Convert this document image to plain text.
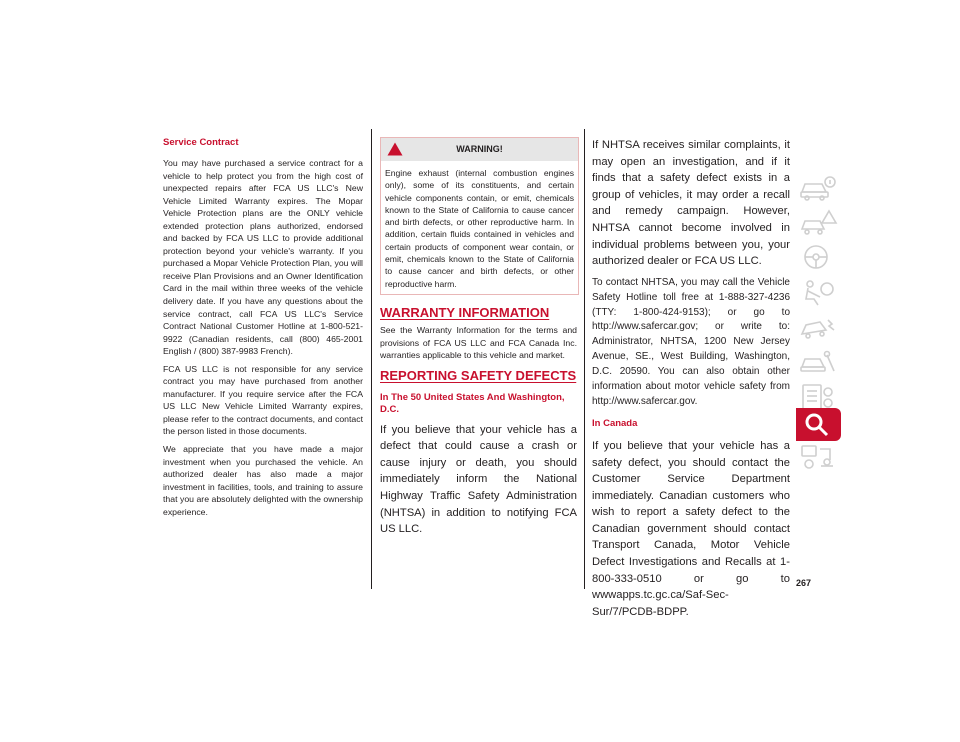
Service Contract

You may have purchased a service contract for a vehicle to help protect you from the high cost of unexpected repairs after FCA US LLC's New Vehicle Limited Warranty expires. The Mopar Vehicle Protection plans are the ONLY vehicle extended protection plans authorized, endorsed and backed by FCA US LLC to provide additional protection beyond your vehicle's warranty. If you purchased a Mopar Vehicle Protection Plan, you will receive Plan Provisions and an Owner Identification Card in the mail within three weeks of the vehicle delivery date. If you have any questions about the service contract, call FCA US LLC's Service Contract National Customer Hotline at 1-800-521-9922 (Canadian residents, call (800) 465-2001 English / (800) 387-9983 French).

FCA US LLC is not responsible for any service contract you may have purchased from another manufacturer. If you require service after the FCA US LLC New Vehicle Limited Warranty expires, please refer to the contract documents, and contact the person listed in those documents.

We appreciate that you have made a major investment when you purchased the vehicle. An authorized dealer has also made a major investment in facilities, tools, and training to assure that you are absolutely delighted with the ownership experience.

WARNING!
Engine exhaust (internal combustion engines only), some of its constituents, and certain vehicle components contain, or emit, chemicals known to the State of California to cause cancer and birth defects, or other reproductive harm. In addition, certain fluids contained in vehicles and certain products of component wear contain, or emit, chemicals known to the State of California to cause cancer and birth defects, or other reproductive harm.

WARRANTY INFORMATION

See the Warranty Information for the terms and provisions of FCA US LLC and FCA Canada Inc. warranties applicable to this vehicle and market.

REPORTING SAFETY DEFECTS

In The 50 United States And Washington, D.C.

If you believe that your vehicle has a defect that could cause a crash or cause injury or death, you should immediately inform the National Highway Traffic Safety Administration (NHTSA) in addition to notifying FCA US LLC.

If NHTSA receives similar complaints, it may open an investigation, and if it finds that a safety defect exists in a group of vehicles, it may order a recall and remedy campaign. However, NHTSA cannot become involved in individual problems between you, your authorized dealer or FCA US LLC.

To contact NHTSA, you may call the Vehicle Safety Hotline toll free at 1-888-327-4236 (TTY: 1-800-424-9153); or go to http://www.safercar.gov; or write to: Administrator, NHTSA, 1200 New Jersey Avenue, SE., West Building, Washington, D.C. 20590. You can also obtain other information about motor vehicle safety from http://www.safercar.gov.

In Canada

If you believe that your vehicle has a safety defect, you should contact the Customer Service Department immediately. Canadian customers who wish to report a safety defect to the Canadian government should contact Transport Canada, Motor Vehicle Defect Investigations and Recalls at 1-800-333-0510 or go to wwwapps.tc.gc.ca/Saf-Sec-Sur/7/PCDB-BDPP.

267
